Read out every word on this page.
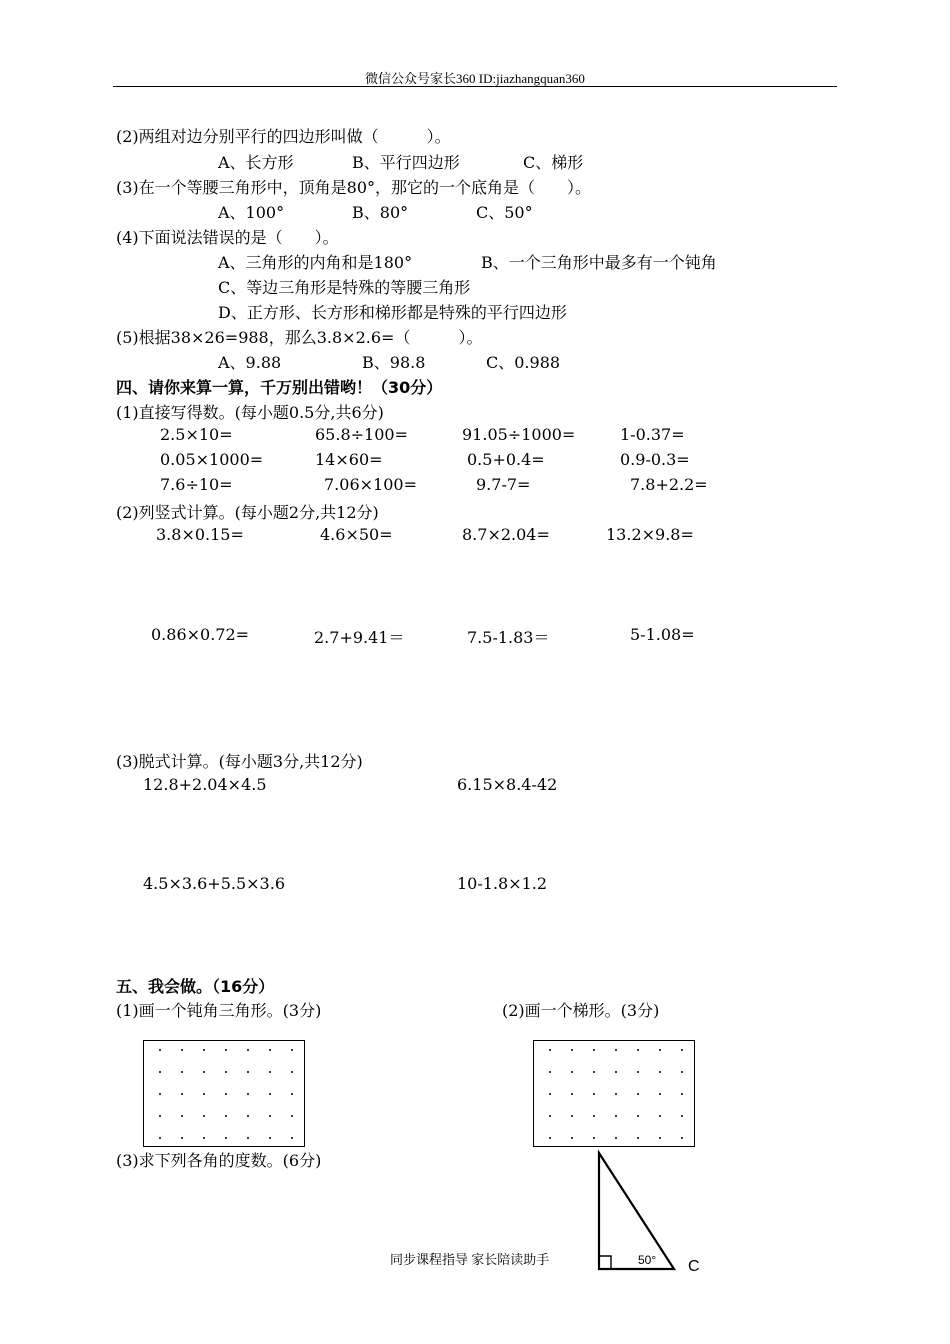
微信公众号家长360 ID:jiazhangquan360
(2)两组对边分别平行的四边形叫做（　　　）。
A、长方形	B、平行四边形	C、梯形
(3)在一个等腰三角形中，顶角是80°，那它的一个底角是（　　）。
A、100°	B、80°	C、50°
(4)下面说法错误的是（　　）。
A、三角形的内角和是180°	B、一个三角形中最多有一个钝角
C、等边三角形是特殊的等腰三角形
D、正方形、长方形和梯形都是特殊的平行四边形
(5)根据38×26=988，那么3.8×2.6=（　　　）。
A、9.88	B、98.8	C、0.988
四、请你来算一算，千万别出错哟！（30分）
(1)直接写得数。(每小题0.5分,共6分)
2.5×10=	65.8÷100=	91.05÷1000=	1-0.37=
0.05×1000=	14×60=	0.5+0.4=	0.9-0.3=
7.6÷10=	7.06×100=	9.7-7=	7.8+2.2=
(2)列竖式计算。(每小题2分,共12分)
3.8×0.15=	4.6×50=	8.7×2.04=	13.2×9.8=
0.86×0.72=	2.7+9.41＝	7.5-1.83＝	5-1.08=
(3)脱式计算。(每小题3分,共12分)
12.8+2.04×4.5	6.15×8.4-42
4.5×3.6+5.5×3.6	10-1.8×1.2
五、我会做。（16分）
(1)画一个钝角三角形。(3分)	(2)画一个梯形。(3分)
(3)求下列各角的度数。(6分)
50° C
同步课程指导 家长陪读助手
